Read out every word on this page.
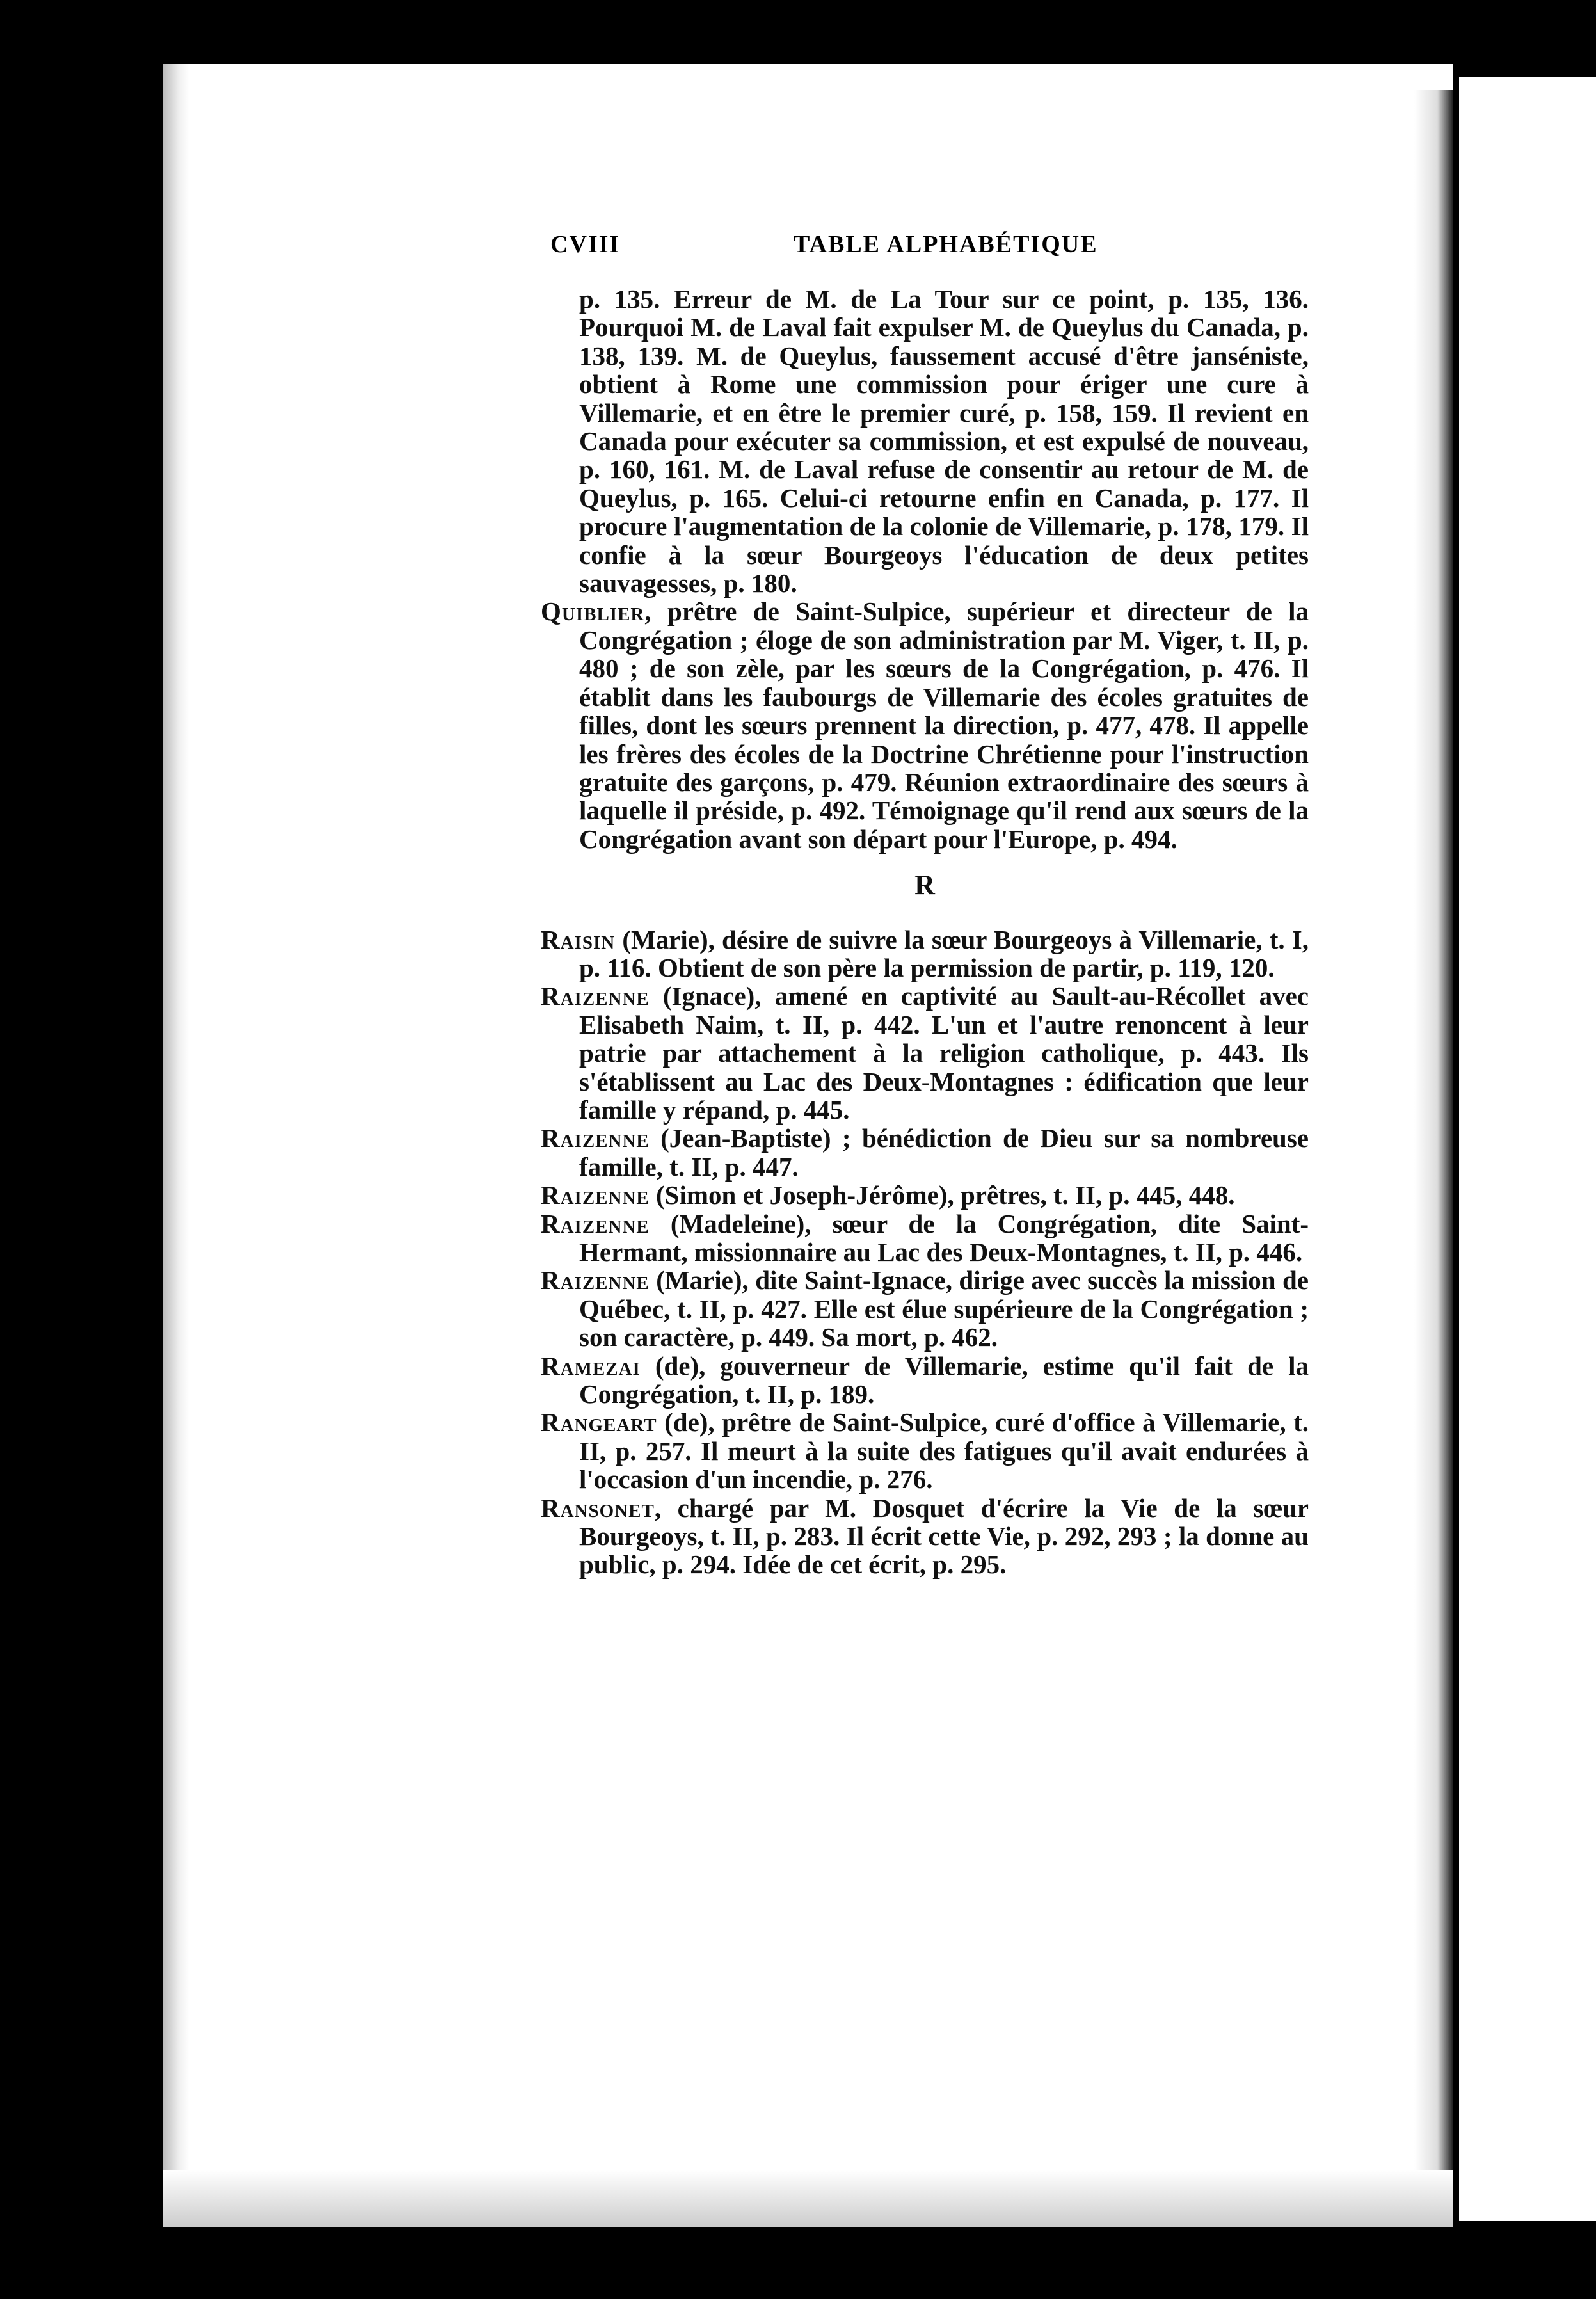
CVIII	TABLE ALPHABÉTIQUE

p. 135. Erreur de M. de La Tour sur ce point, p. 135, 136. Pourquoi M. de Laval fait expulser M. de Queylus du Canada, p. 138, 139. M. de Queylus, faussement accusé d'être janséniste, obtient à Rome une commission pour ériger une cure à Villemarie, et en être le premier curé, p. 158, 159. Il revient en Canada pour exécuter sa commission, et est expulsé de nouveau, p. 160, 161. M. de Laval refuse de consentir au retour de M. de Queylus, p. 165. Celui-ci retourne enfin en Canada, p. 177. Il procure l'augmentation de la colonie de Villemarie, p. 178, 179. Il confie à la sœur Bourgeoys l'éducation de deux petites sauvagesses, p. 180.

Quiblier, prêtre de Saint-Sulpice, supérieur et directeur de la Congrégation ; éloge de son administration par M. Viger, t. II, p. 480 ; de son zèle, par les sœurs de la Congrégation, p. 476. Il établit dans les faubourgs de Villemarie des écoles gratuites de filles, dont les sœurs prennent la direction, p. 477, 478. Il appelle les frères des écoles de la Doctrine Chrétienne pour l'instruction gratuite des garçons, p. 479. Réunion extraordinaire des sœurs à laquelle il préside, p. 492. Témoignage qu'il rend aux sœurs de la Congrégation avant son départ pour l'Europe, p. 494.

R

Raisin (Marie), désire de suivre la sœur Bourgeoys à Villemarie, t. I, p. 116. Obtient de son père la permission de partir, p. 119, 120.

Raizenne (Ignace), amené en captivité au Sault-au-Récollet avec Elisabeth Naim, t. II, p. 442. L'un et l'autre renoncent à leur patrie par attachement à la religion catholique, p. 443. Ils s'établissent au Lac des Deux-Montagnes : édification que leur famille y répand, p. 445.

Raizenne (Jean-Baptiste) ; bénédiction de Dieu sur sa nombreuse famille, t. II, p. 447.

Raizenne (Simon et Joseph-Jérôme), prêtres, t. II, p. 445, 448.

Raizenne (Madeleine), sœur de la Congrégation, dite Saint-Hermant, missionnaire au Lac des Deux-Montagnes, t. II, p. 446.

Raizenne (Marie), dite Saint-Ignace, dirige avec succès la mission de Québec, t. II, p. 427. Elle est élue supérieure de la Congrégation ; son caractère, p. 449. Sa mort, p. 462.

Ramezai (de), gouverneur de Villemarie, estime qu'il fait de la Congrégation, t. II, p. 189.

Rangeart (de), prêtre de Saint-Sulpice, curé d'office à Villemarie, t. II, p. 257. Il meurt à la suite des fatigues qu'il avait endurées à l'occasion d'un incendie, p. 276.

Ransonet, chargé par M. Dosquet d'écrire la Vie de la sœur Bourgeoys, t. II, p. 283. Il écrit cette Vie, p. 292, 293 ; la donne au public, p. 294. Idée de cet écrit, p. 295.
